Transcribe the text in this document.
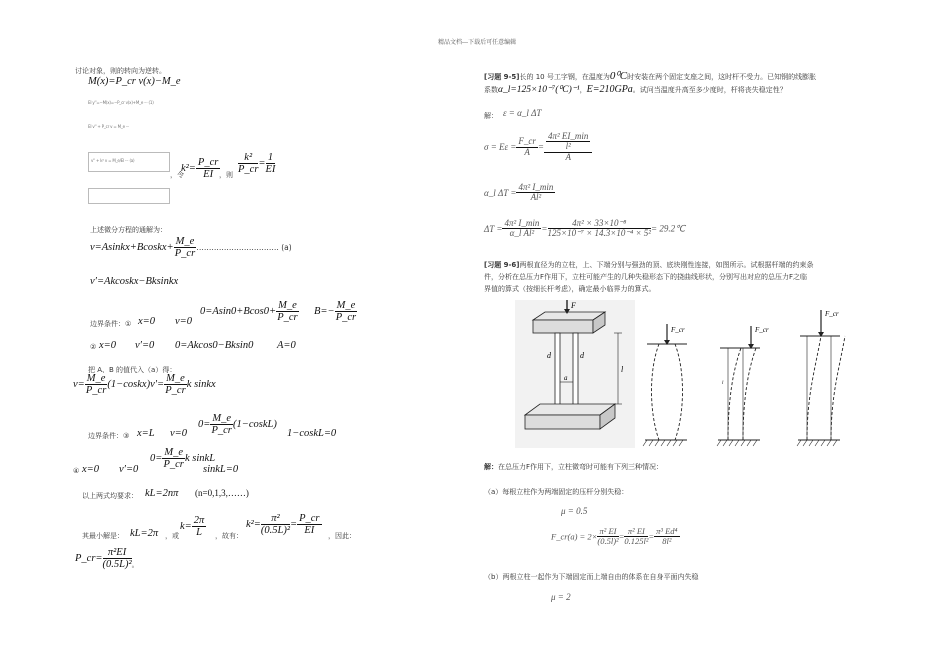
精品文档---下载后可任意编辑
讨论对象，则的转向为逆转。
M(x)=P_cr v(x)−M_e
EI y''=−M(x)=−P_cr v(x)+M_e ··· (1)
EI v'' + P_cr v = M_e ···
v'' + k² v = M_e/EI ··· (a)
，令
$k^2= \frac{P\_cr}{EI}$
，则 $\frac{\text{k²}}{P\_cr} = \frac{1}{EI}$
上述微分方程的通解为：
v=Asinkx+Bcoskx+ $\frac{M\_e}{P\_cr}$ …………………………… (a)
v′=Akcoskx−Bksinkx
边界条件：① x=0 v=0
$0=Asin0+Bcos0+ \frac{M\_e}{P\_cr} B=- \frac{M\_e}{P\_cr}$
② x=0 v′=0 0=Akcos0−Bksin0 A=0
把 A、B 的值代入（a）得：
$v= \frac{M\_e}{P\_cr}$ (1−coskx)v′= $\frac{M\_e}{P\_cr}$ k sinkx
边界条件：③ x=L v=0
$0= \frac{M\_e}{P\_cr}$ (1−coskL)
1−coskL=0
④ x=0 v′=0
$0= \frac{M\_e}{P\_cr}$ k sinkL
sinkL=0
以上两式均要求： kL=2nπ (n=0,1,3,……)
其最小解是： kL=2π ，或
$k= \frac{2\pi}{L}$ ，故有：
$k^2= \frac{\text{π²}}{\text{(0.5L)²}} = \frac{P\_cr}{EI}$ ，因此：
P_cr= $\frac{\text{π²EI}}{\text{(0.5L)²}}$ 。
[习题 9-5]长的 10 号工字钢，在温度为0⁰C时安装在两个固定支座之间，这时杆不受力。已知钢的线膨胀
系数α_l=125×10⁻⁷(⁰C)⁻¹，E=210GPa。试问当温度升高至多少度时，杆将丧失稳定性？
解： ε = α_l ΔT
$\sigma = E\varepsilon = \frac{F\_cr}{A} = \frac{\frac{\text{4π² EI\_min}}{\text{l²}}}{A}$
α_l $\Delta T = \frac{\text{4π² I\_min}}{\text{Al²}}$
$\Delta T = \frac{\text{4π² I\_min}}{\text{α\_l Al²}} = \frac{\text{4π² × 33×10⁻⁸}}{\text{125×10⁻⁷ × 14.3×10⁻⁴ × 5²}}$ = 29.2℃
[习题 9-6]两根直径为的立柱，上、下端分别与强劲的顶、底块刚性连接，如图所示。试根据杆端的约束条
件，分析在总压力F作用下，立柱可能产生的几种失稳形态下的挠曲线形状，分别写出对应的总压力F之临
界值的算式（按细长杆考虑），确定最小临界力的算式。
F
d	d
a
l
F_cr	F_cr
l
F_cr
解：在总压力F作用下，立柱微弯时可能有下列三种情况：
（a）每根立柱作为两端固定的压杆分别失稳：
μ = 0.5
F_cr(a) = $2\times \frac{\text{π² EI}}{\text{(0.5l)²}} = \frac{\text{π² EI}}{\text{0.125l²}} = \frac{\text{π³ Ed⁴}}{\text{8l²}}$
（b）两根立柱一起作为下端固定而上端自由的体系在自身平面内失稳
μ = 2
